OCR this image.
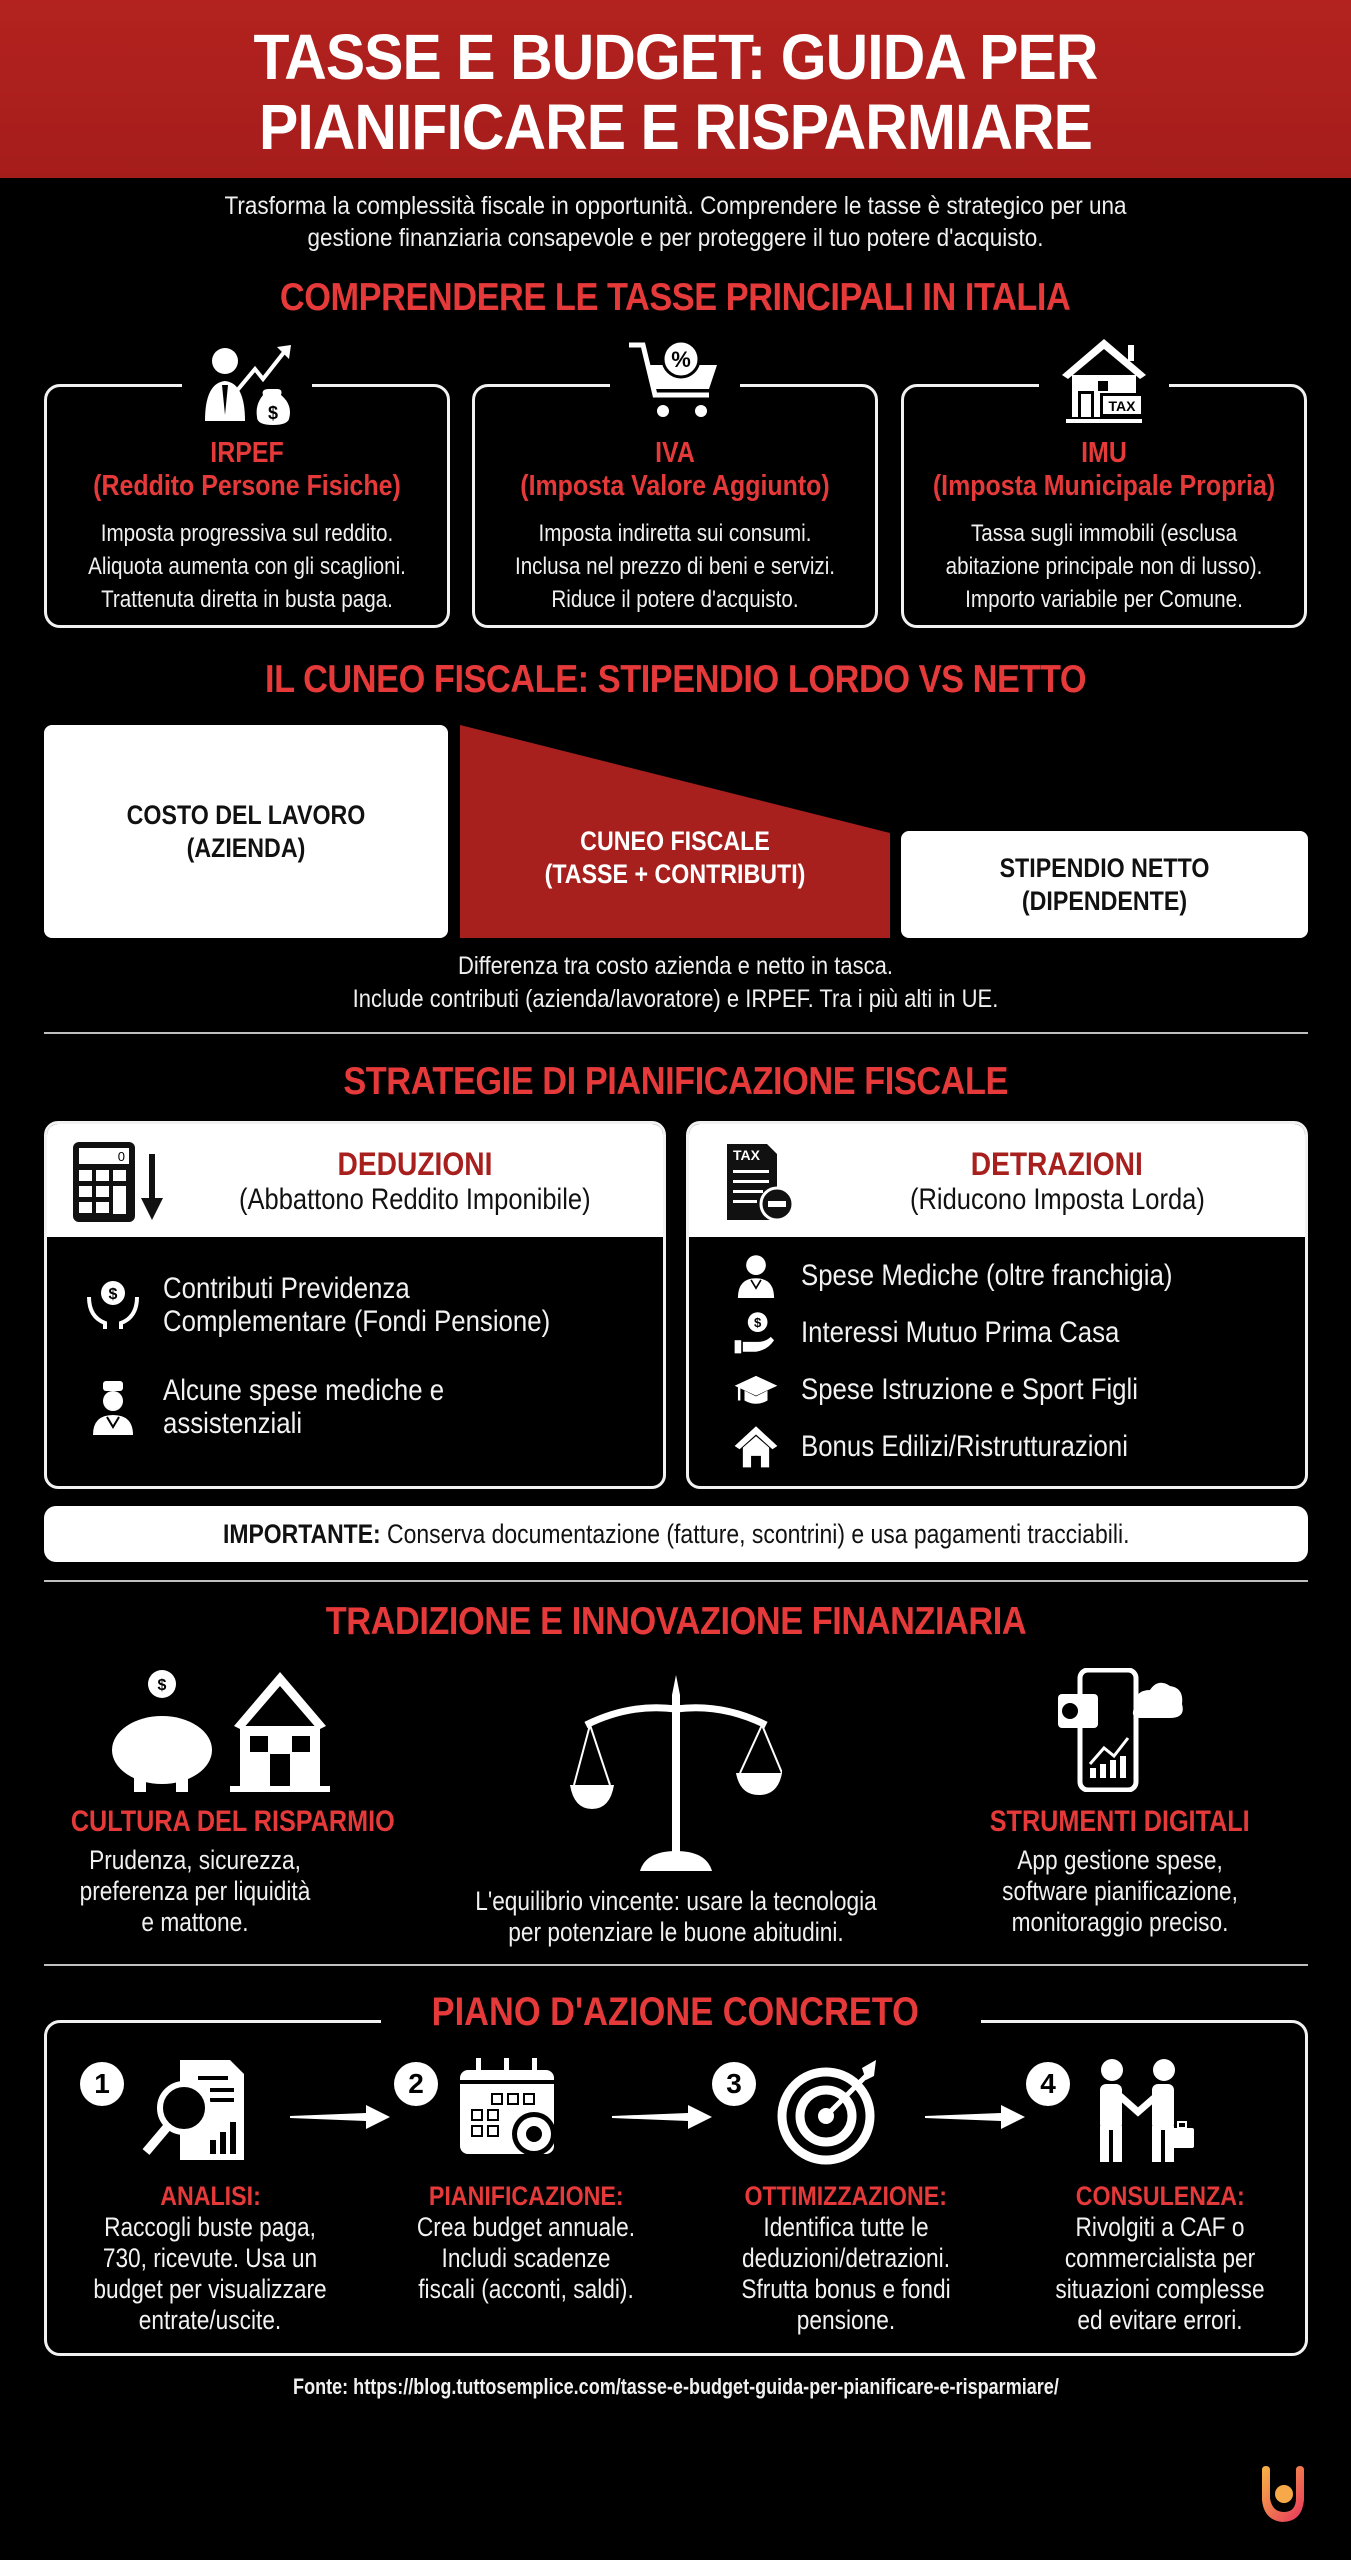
TASSE E BUDGET: GUIDA PER
PIANIFICARE E RISPARMIARE
Trasforma la complessità fiscale in opportunità. Comprendere le tasse è strategico per una
gestione finanziaria consapevole e per proteggere il tuo potere d'acquisto.
COMPRENDERE LE TASSE PRINCIPALI IN ITALIA
$
IRPEF
(Reddito Persone Fisiche)
Imposta progressiva sul reddito.
Aliquota aumenta con gli scaglioni.
Trattenuta diretta in busta paga.
%
IVA
(Imposta Valore Aggiunto)
Imposta indiretta sui consumi.
Inclusa nel prezzo di beni e servizi.
Riduce il potere d'acquisto.
TAX
IMU
(Imposta Municipale Propria)
Tassa sugli immobili (esclusa
abitazione principale non di lusso).
Importo variabile per Comune.
IL CUNEO FISCALE: STIPENDIO LORDO VS NETTO
COSTO DEL LAVORO
(AZIENDA)	CUNEO FISCALE
(TASSE + CONTRIBUTI)	STIPENDIO NETTO
(DIPENDENTE)
Differenza tra costo azienda e netto in tasca.
Include contributi (azienda/lavoratore) e IRPEF. Tra i più alti in UE.
STRATEGIE DI PIANIFICAZIONE FISCALE
0	DEDUZIONI
(Abbattono Reddito Imponibile)
$ Contributi Previdenza
Complementare (Fondi Pensione)
Alcune spese mediche e
assistenziali
TAX	DETRAZIONI
(Riducono Imposta Lorda)
Spese Mediche (oltre franchigia)
$ Interessi Mutuo Prima Casa
Spese Istruzione e Sport Figli
Bonus Edilizi/Ristrutturazioni
IMPORTANTE: Conserva documentazione (fatture, scontrini) e usa pagamenti tracciabili.
TRADIZIONE E INNOVAZIONE FINANZIARIA
$
CULTURA DEL RISPARMIO
Prudenza, sicurezza,
preferenza per liquidità
e mattone.
L'equilibrio vincente: usare la tecnologia
per potenziare le buone abitudini.
STRUMENTI DIGITALI
App gestione spese,
software pianificazione,
monitoraggio preciso.
PIANO D'AZIONE CONCRETO
1
ANALISI:
Raccogli buste paga,
730, ricevute. Usa un
budget per visualizzare
entrate/uscite.
2
PIANIFICAZIONE:
Crea budget annuale.
Includi scadenze
fiscali (acconti, saldi).
3
OTTIMIZZAZIONE:
Identifica tutte le
deduzioni/detrazioni.
Sfrutta bonus e fondi
pensione.
4
CONSULENZA:
Rivolgiti a CAF o
commercialista per
situazioni complesse
ed evitare errori.
Fonte: https://blog.tuttosemplice.com/tasse-e-budget-guida-per-pianificare-e-risparmiare/
